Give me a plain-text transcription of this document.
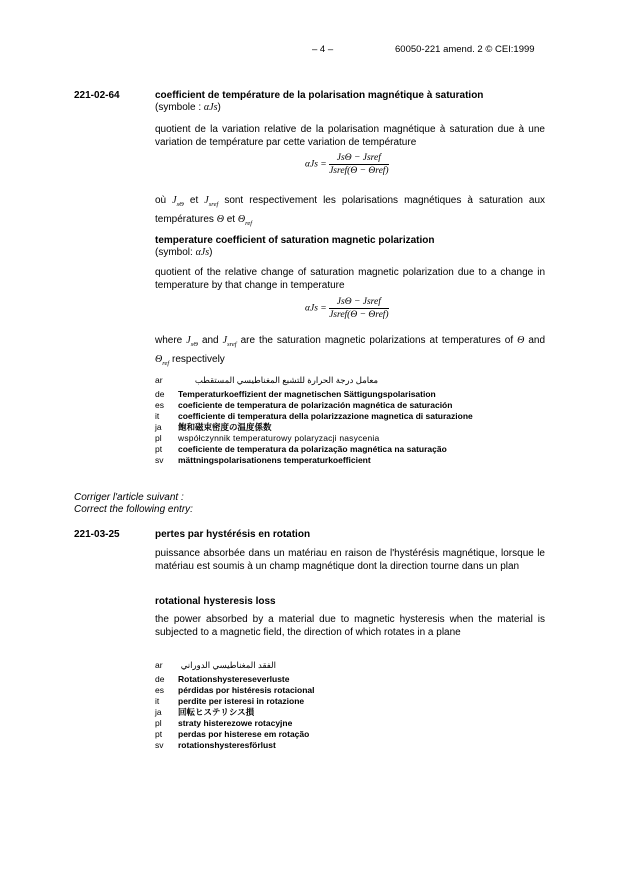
– 4 –	60050-221 amend. 2 © CEI:1999
221-02-64	coefficient de température de la polarisation magnétique à saturation
(symbole : αJs)
quotient de la variation relative de la polarisation magnétique à saturation due à une variation de température par cette variation de température
$\alpha Js = \frac{\text{JsΘ − Jsref}}{\text{Jsref(Θ − Θref)}}$
où $J_{s\Theta}$ et $J_{sref}$ sont respectivement les polarisations magnétiques à saturation aux températures Θ et $\Theta_{ref}$
temperature coefficient of saturation magnetic polarization
(symbol: αJs)
quotient of the relative change of saturation magnetic polarization due to a change in temperature by that change in temperature
$\alpha Js = \frac{\text{JsΘ − Jsref}}{\text{Jsref(Θ − Θref)}}$
where $J_{s\Theta}$ and $J_{sref}$ are the saturation magnetic polarizations at temperatures of Θ and $\Theta_{ref}$ respectively
ar	معامل درجة الحرارة للتشبع المغناطيسي المستقطب
de Temperaturkoeffizient der magnetischen Sättigungspolarisation
es coeficiente de temperatura de polarización magnética de saturación
it coefficiente di temperatura della polarizzazione magnetica di saturazione
ja 飽和磁束密度の温度係数
pl współczynnik temperaturowy polaryzacji nasycenia
pt coeficiente de temperatura da polarização magnética na saturação
sv mättningspolarisationens temperaturkoefficient
Corriger l'article suivant :
Correct the following entry:
221-03-25	pertes par hystérésis en rotation
puissance absorbée dans un matériau en raison de l'hystérésis magnétique, lorsque le matériau est soumis à un champ magnétique dont la direction tourne dans un plan
rotational hysteresis loss
the power absorbed by a material due to magnetic hysteresis when the material is subjected to a magnetic field, the direction of which rotates in a plane
ar	الفقد المغناطيسي الدوراني
de Rotationshystereseverluste
es pérdidas por histéresis rotacional
it perdite per isteresi in rotazione
ja 回転ヒステリシス損
pl straty histerezowe rotacyjne
pt perdas por histerese em rotação
sv rotationshysteresförlust
